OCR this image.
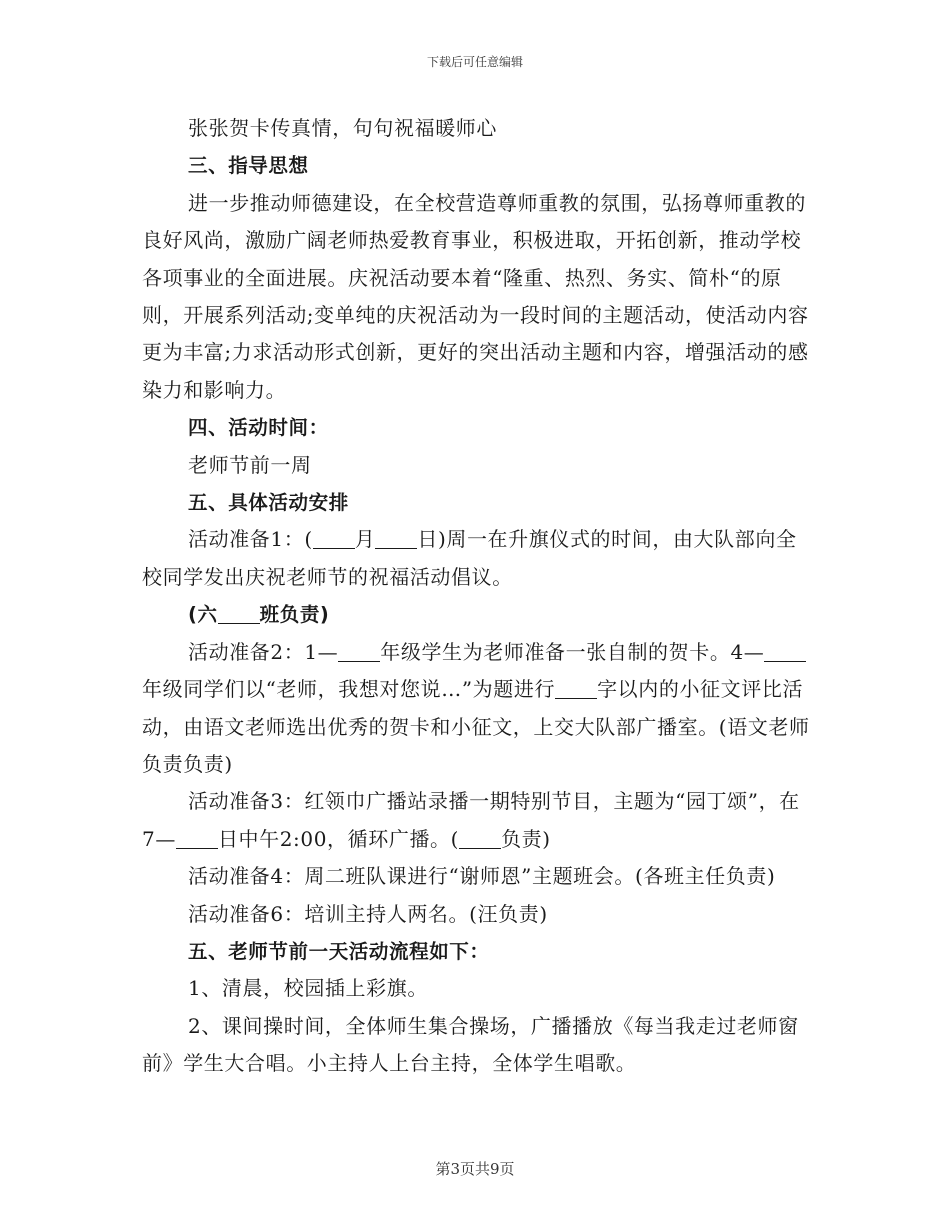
下载后可任意编辑

张张贺卡传真情，句句祝福暖师心

三、指导思想

进一步推动师德建设，在全校营造尊师重教的氛围，弘扬尊师重教的良好风尚，激励广阔老师热爱教育事业，积极进取，开拓创新，推动学校各项事业的全面进展。庆祝活动要本着“隆重、热烈、务实、简朴“的原则，开展系列活动;变单纯的庆祝活动为一段时间的主题活动，使活动内容更为丰富;力求活动形式创新，更好的突出活动主题和内容，增强活动的感染力和影响力。

四、活动时间：

老师节前一周

五、具体活动安排

活动准备1：( 月 日)周一在升旗仪式的时间，由大队部向全校同学发出庆祝老师节的祝福活动倡议。

(六 班负责)

活动准备2：1— 年级学生为老师准备一张自制的贺卡。4—年级同学们以“老师，我想对您说…”为题进行 字以内的小征文评比活动，由语文老师选出优秀的贺卡和小征文，上交大队部广播室。(语文老师负责负责)

活动准备3：红领巾广播站录播一期特别节目，主题为“园丁颂”，在7— 日中午2:00，循环广播。( 负责)

活动准备4：周二班队课进行“谢师恩”主题班会。(各班主任负责)

活动准备6：培训主持人两名。(汪负责)

五、老师节前一天活动流程如下：

1、清晨，校园插上彩旗。

2、课间操时间，全体师生集合操场，广播播放《每当我走过老师窗前》学生大合唱。小主持人上台主持，全体学生唱歌。

第3页共9页
